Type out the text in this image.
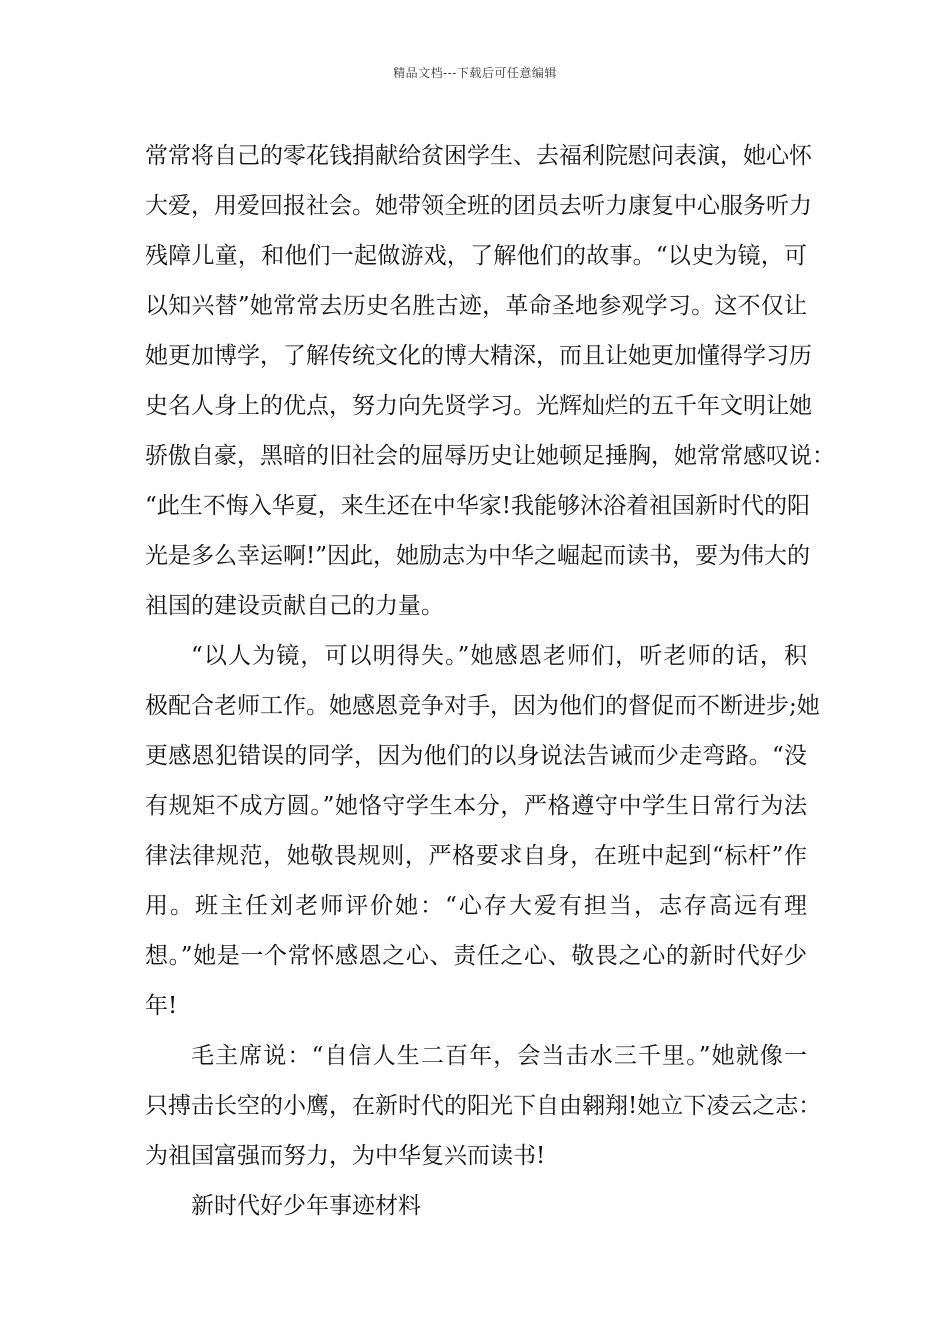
精品文档---下载后可任意编辑
常常将自己的零花钱捐献给贫困学生、去福利院慰问表演，她心怀
大爱，用爱回报社会。她带领全班的团员去听力康复中心服务听力
残障儿童，和他们一起做游戏，了解他们的故事。“以史为镜，可
以知兴替”她常常去历史名胜古迹，革命圣地参观学习。这不仅让
她更加博学，了解传统文化的博大精深，而且让她更加懂得学习历
史名人身上的优点，努力向先贤学习。光辉灿烂的五千年文明让她
骄傲自豪，黑暗的旧社会的屈辱历史让她顿足捶胸，她常常感叹说：
“此生不悔入华夏，来生还在中华家!我能够沐浴着祖国新时代的阳
光是多么幸运啊!”因此，她励志为中华之崛起而读书，要为伟大的
祖国的建设贡献自己的力量。
“以人为镜，可以明得失。”她感恩老师们，听老师的话，积
极配合老师工作。她感恩竞争对手，因为他们的督促而不断进步;她
更感恩犯错误的同学，因为他们的以身说法告诫而少走弯路。“没
有规矩不成方圆。”她恪守学生本分，严格遵守中学生日常行为法
律法律规范，她敬畏规则，严格要求自身，在班中起到“标杆”作
用。班主任刘老师评价她：“心存大爱有担当，志存高远有理
想。”她是一个常怀感恩之心、责任之心、敬畏之心的新时代好少
年!
毛主席说：“自信人生二百年，会当击水三千里。”她就像一
只搏击长空的小鹰，在新时代的阳光下自由翱翔!她立下凌云之志：
为祖国富强而努力，为中华复兴而读书!
新时代好少年事迹材料
